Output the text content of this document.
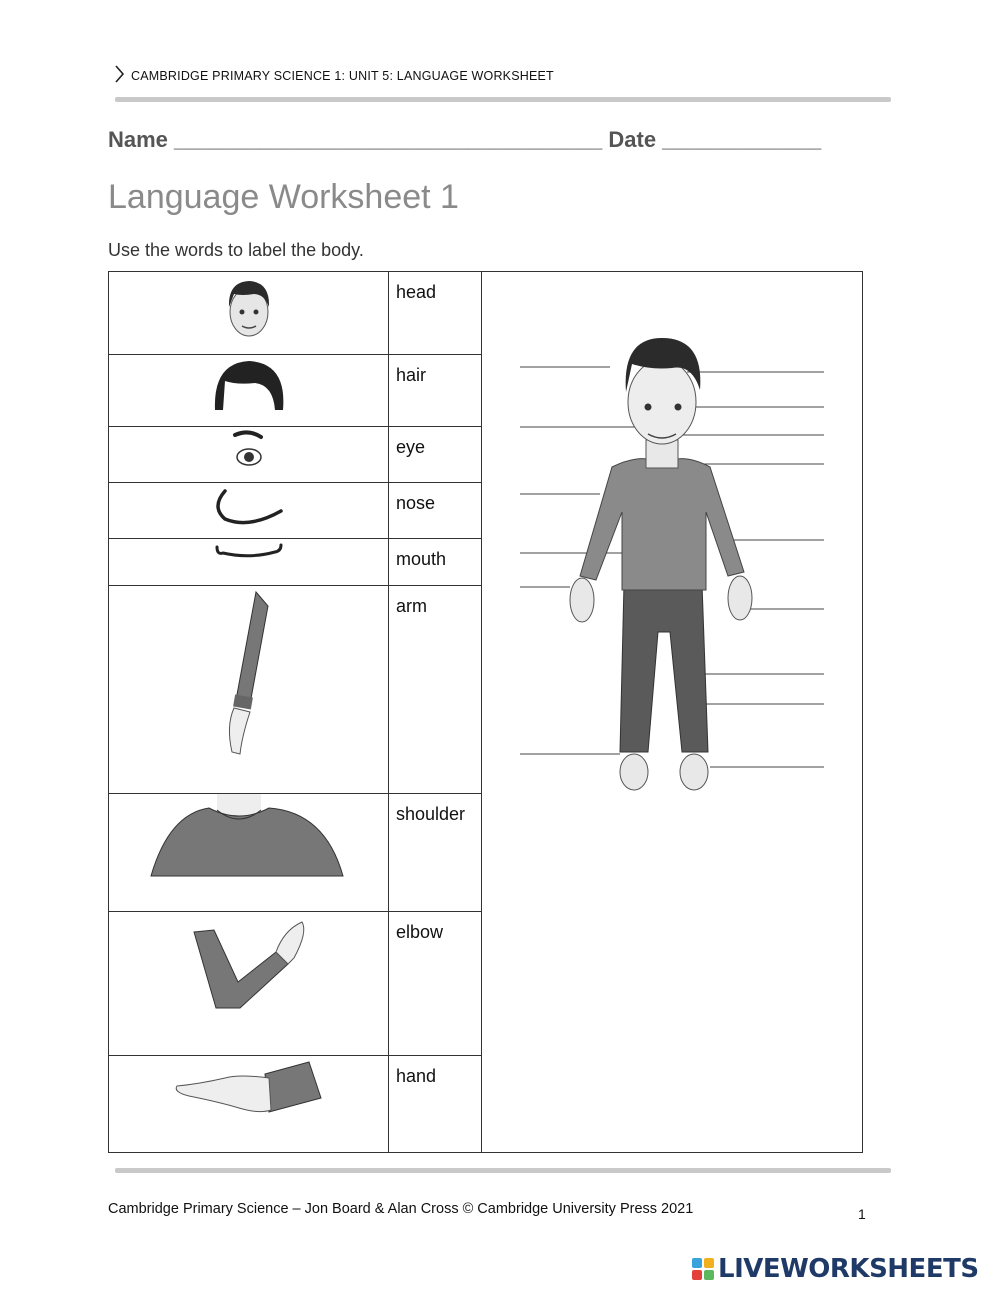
CAMBRIDGE PRIMARY SCIENCE 1: UNIT 5: LANGUAGE WORKSHEET
Name ___________________________________ Date _____________
Language Worksheet 1
Use the words to label the body.

head

hair	

eye	

nose	

mouth	

arm	

shoulder	

elbow	

hand	
Cambridge Primary Science – Jon Board & Alan Cross © Cambridge University Press 2021	1
LIVEWORKSHEETS
